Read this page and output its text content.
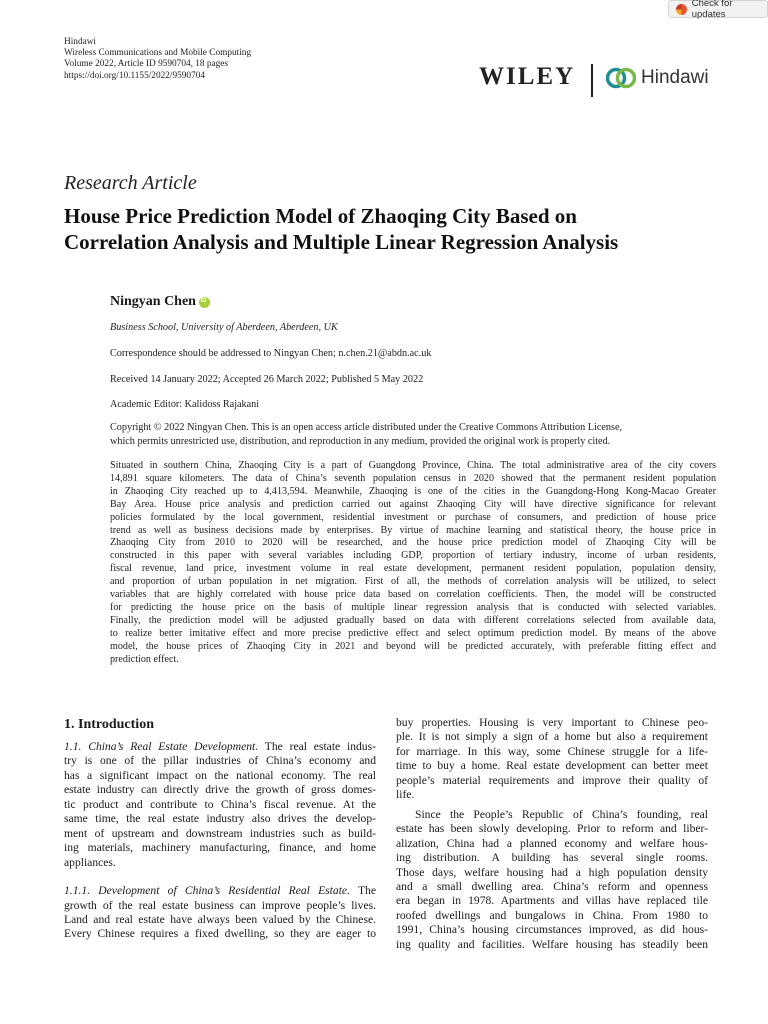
Check for updates
Hindawi
Wireless Communications and Mobile Computing
Volume 2022, Article ID 9590704, 18 pages
https://doi.org/10.1155/2022/9590704	WILEY	Hindawi
Research Article
House Price Prediction Model of Zhaoqing City Based on
Correlation Analysis and Multiple Linear Regression Analysis
Ningyan Chen
iD
Business School, University of Aberdeen, Aberdeen, UK
Correspondence should be addressed to Ningyan Chen; n.chen.21@abdn.ac.uk
Received 14 January 2022; Accepted 26 March 2022; Published 5 May 2022
Academic Editor: Kalidoss Rajakani
Copyright © 2022 Ningyan Chen. This is an open access article distributed under the Creative Commons Attribution License,
which permits unrestricted use, distribution, and reproduction in any medium, provided the original work is properly cited.
Situated in southern China, Zhaoqing City is a part of Guangdong Province, China. The total administrative area of the city covers
14,891 square kilometers. The data of China’s seventh population census in 2020 showed that the permanent resident population
in Zhaoqing City reached up to 4,413,594. Meanwhile, Zhaoqing is one of the cities in the Guangdong-Hong Kong-Macao Greater
Bay Area. House price analysis and prediction carried out against Zhaoqing City will have directive significance for relevant
policies formulated by the local government, residential investment or purchase of consumers, and prediction of house price
trend as well as business decisions made by enterprises. By virtue of machine learning and statistical theory, the house price in
Zhaoqing City from 2010 to 2020 will be researched, and the house price prediction model of Zhaoqing City will be
constructed in this paper with several variables including GDP, proportion of tertiary industry, income of urban residents,
fiscal revenue, land price, investment volume in real estate development, permanent resident population, population density,
and proportion of urban population in net migration. First of all, the methods of correlation analysis will be utilized, to select
variables that are highly correlated with house price data based on correlation coefficients. Then, the model will be constructed
for predicting the house price on the basis of multiple linear regression analysis that is conducted with selected variables.
Finally, the prediction model will be adjusted gradually based on data with different correlations selected from available data,
to realize better imitative effect and more precise predictive effect and select optimum prediction model. By means of the above
model, the house prices of Zhaoqing City in 2021 and beyond will be predicted accurately, with preferable fitting effect and
prediction effect.
1. Introduction
1.1. China’s Real Estate Development. The real estate indus-
try is one of the pillar industries of China’s economy and
has a significant impact on the national economy. The real
estate industry can directly drive the growth of gross domes-
tic product and contribute to China’s fiscal revenue. At the
same time, the real estate industry also drives the develop-
ment of upstream and downstream industries such as build-
ing materials, machinery manufacturing, finance, and home
appliances.
1.1.1. Development of China’s Residential Real Estate. The
growth of the real estate business can improve people’s lives.
Land and real estate have always been valued by the Chinese.
Every Chinese requires a fixed dwelling, so they are eager to
buy properties. Housing is very important to Chinese peo-
ple. It is not simply a sign of a home but also a requirement
for marriage. In this way, some Chinese struggle for a life-
time to buy a home. Real estate development can better meet
people’s material requirements and improve their quality of
life.
Since the People’s Republic of China’s founding, real
estate has been slowly developing. Prior to reform and liber-
alization, China had a planned economy and welfare hous-
ing distribution. A building has several single rooms.
Those days, welfare housing had a high population density
and a small dwelling area. China’s reform and openness
era began in 1978. Apartments and villas have replaced tile
roofed dwellings and bungalows in China. From 1980 to
1991, China’s housing circumstances improved, as did hous-
ing quality and facilities. Welfare housing has steadily been
